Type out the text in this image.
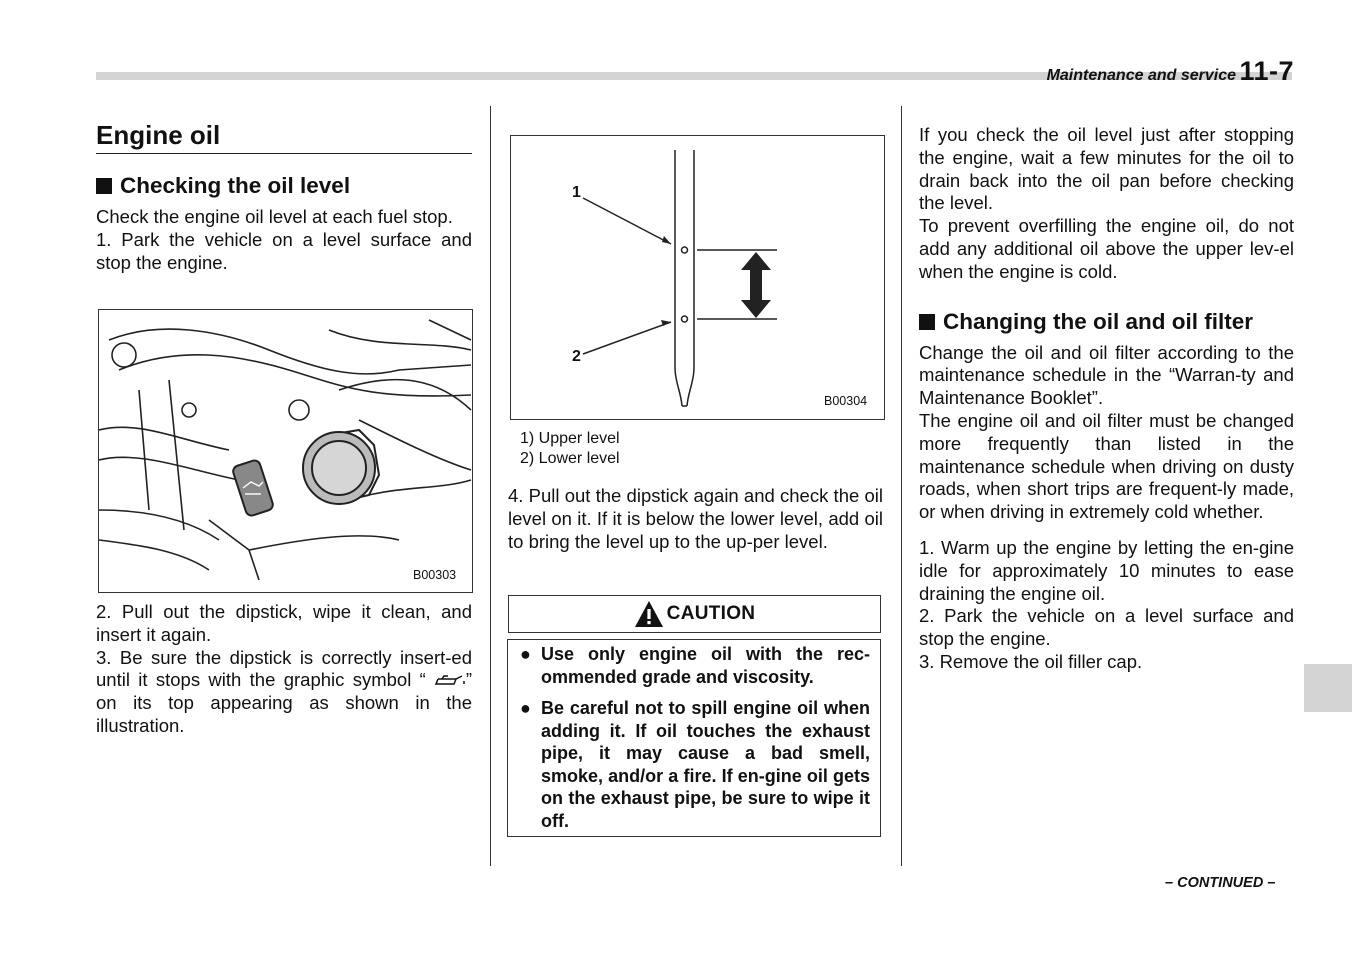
Maintenance and service 11-7
Engine oil
Checking the oil level

Check the engine oil level at each fuel stop.

1. Park the vehicle on a level surface and stop the engine.

B00303

2. Pull out the dipstick, wipe it clean, and insert it again.

3. Be sure the dipstick is correctly insert-ed until it stops with the graphic symbol “ ” on its top appearing as shown in the illustration.

1
2
B00304
1) Upper level
2) Lower level

4. Pull out the dipstick again and check the oil level on it. If it is below the lower level, add oil to bring the level up to the up-per level.

CAUTION
● Use only engine oil with the rec-ommended grade and viscosity.
● Be careful not to spill engine oil when adding it. If oil touches the exhaust pipe, it may cause a bad smell, smoke, and/or a fire. If en-gine oil gets on the exhaust pipe, be sure to wipe it off.

If you check the oil level just after stopping the engine, wait a few minutes for the oil to drain back into the oil pan before checking the level.

To prevent overfilling the engine oil, do not add any additional oil above the upper lev-el when the engine is cold.

Changing the oil and oil filter

Change the oil and oil filter according to the maintenance schedule in the “Warran-ty and Maintenance Booklet”.

The engine oil and oil filter must be changed more frequently than listed in the maintenance schedule when driving on dusty roads, when short trips are frequent-ly made, or when driving in extremely cold whether.

1. Warm up the engine by letting the en-gine idle for approximately 10 minutes to ease draining the engine oil.

2. Park the vehicle on a level surface and stop the engine.

3. Remove the oil filler cap.

– CONTINUED –
